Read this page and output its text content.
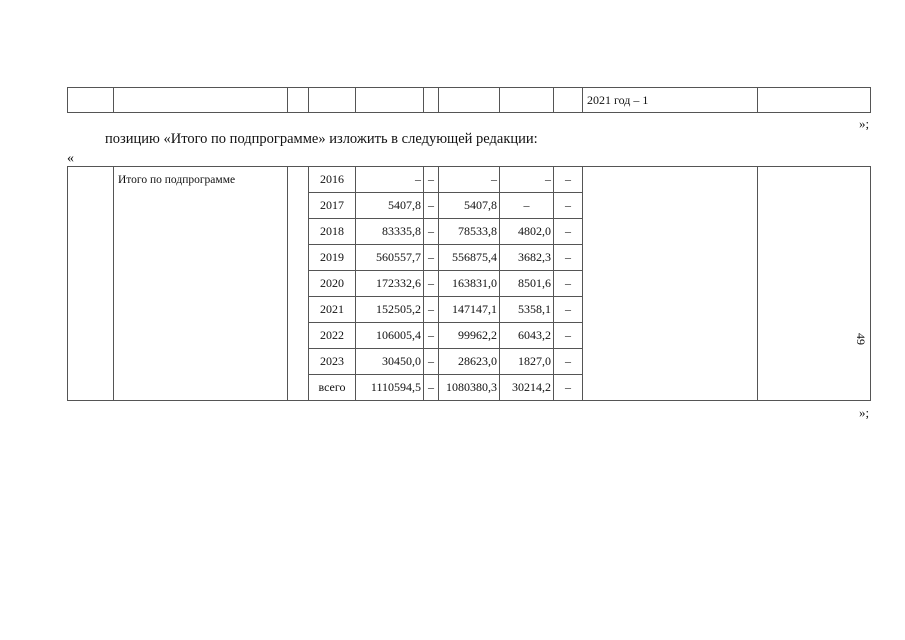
									2021 год – 1	
»;
позицию «Итого по подпрограмме» изложить в следующей редакции:
«
	Итого по подпрограмме		2016	–	–	–	–	–		
			2017	5407,8	–	5407,8	–	–		
			2018	83335,8	–	78533,8	4802,0	–		
			2019	560557,7	–	556875,4	3682,3	–		
			2020	172332,6	–	163831,0	8501,6	–		
			2021	152505,2	–	147147,1	5358,1	–		
			2022	106005,4	–	99962,2	6043,2	–		
			2023	30450,0	–	28623,0	1827,0	–		
			всего	1110594,5	–	1080380,3	30214,2	–		
»;
49
